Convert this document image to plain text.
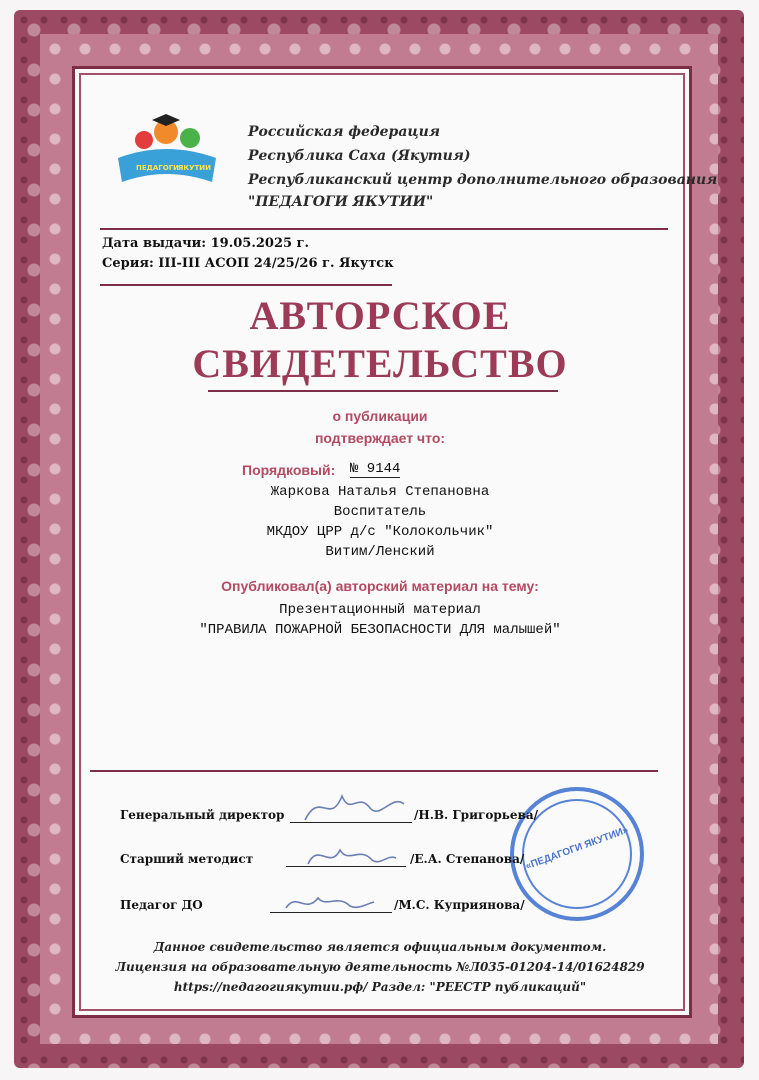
ПЕДАГОГИ
ЯКУТИИ
Российская федерация
Республика Саха (Якутия)
Республиканский центр дополнительного образования
"ПЕДАГОГИ ЯКУТИИ"
Дата выдачи: 19.05.2025 г.
Серия: III-III АСОП 24/25/26 г. Якутск
АВТОРСКОЕ
СВИДЕТЕЛЬСТВО
о публикации
подтверждает что:
Порядковый: № 9144
Жаркова Наталья Степановна
Воспитатель
МКДОУ ЦРР д/с "Колокольчик"
Витим/Ленский
Опубликовал(а) авторский материал на тему:
Презентационный материал
"ПРАВИЛА ПОЖАРНОЙ БЕЗОПАСНОСТИ ДЛЯ малышей"
«ПЕДАГОГИ ЯКУТИИ»
Генеральный директор	/Н.В. Григорьева/
Старший методист	/Е.А. Степанова/
Педагог ДО	/М.С. Куприянова/
Данное свидетельство является официальным документом.
Лицензия на образовательную деятельность №Л035-01204-14/01624829
https://педагогиякутии.рф/ Раздел: "РЕЕСТР публикаций"
